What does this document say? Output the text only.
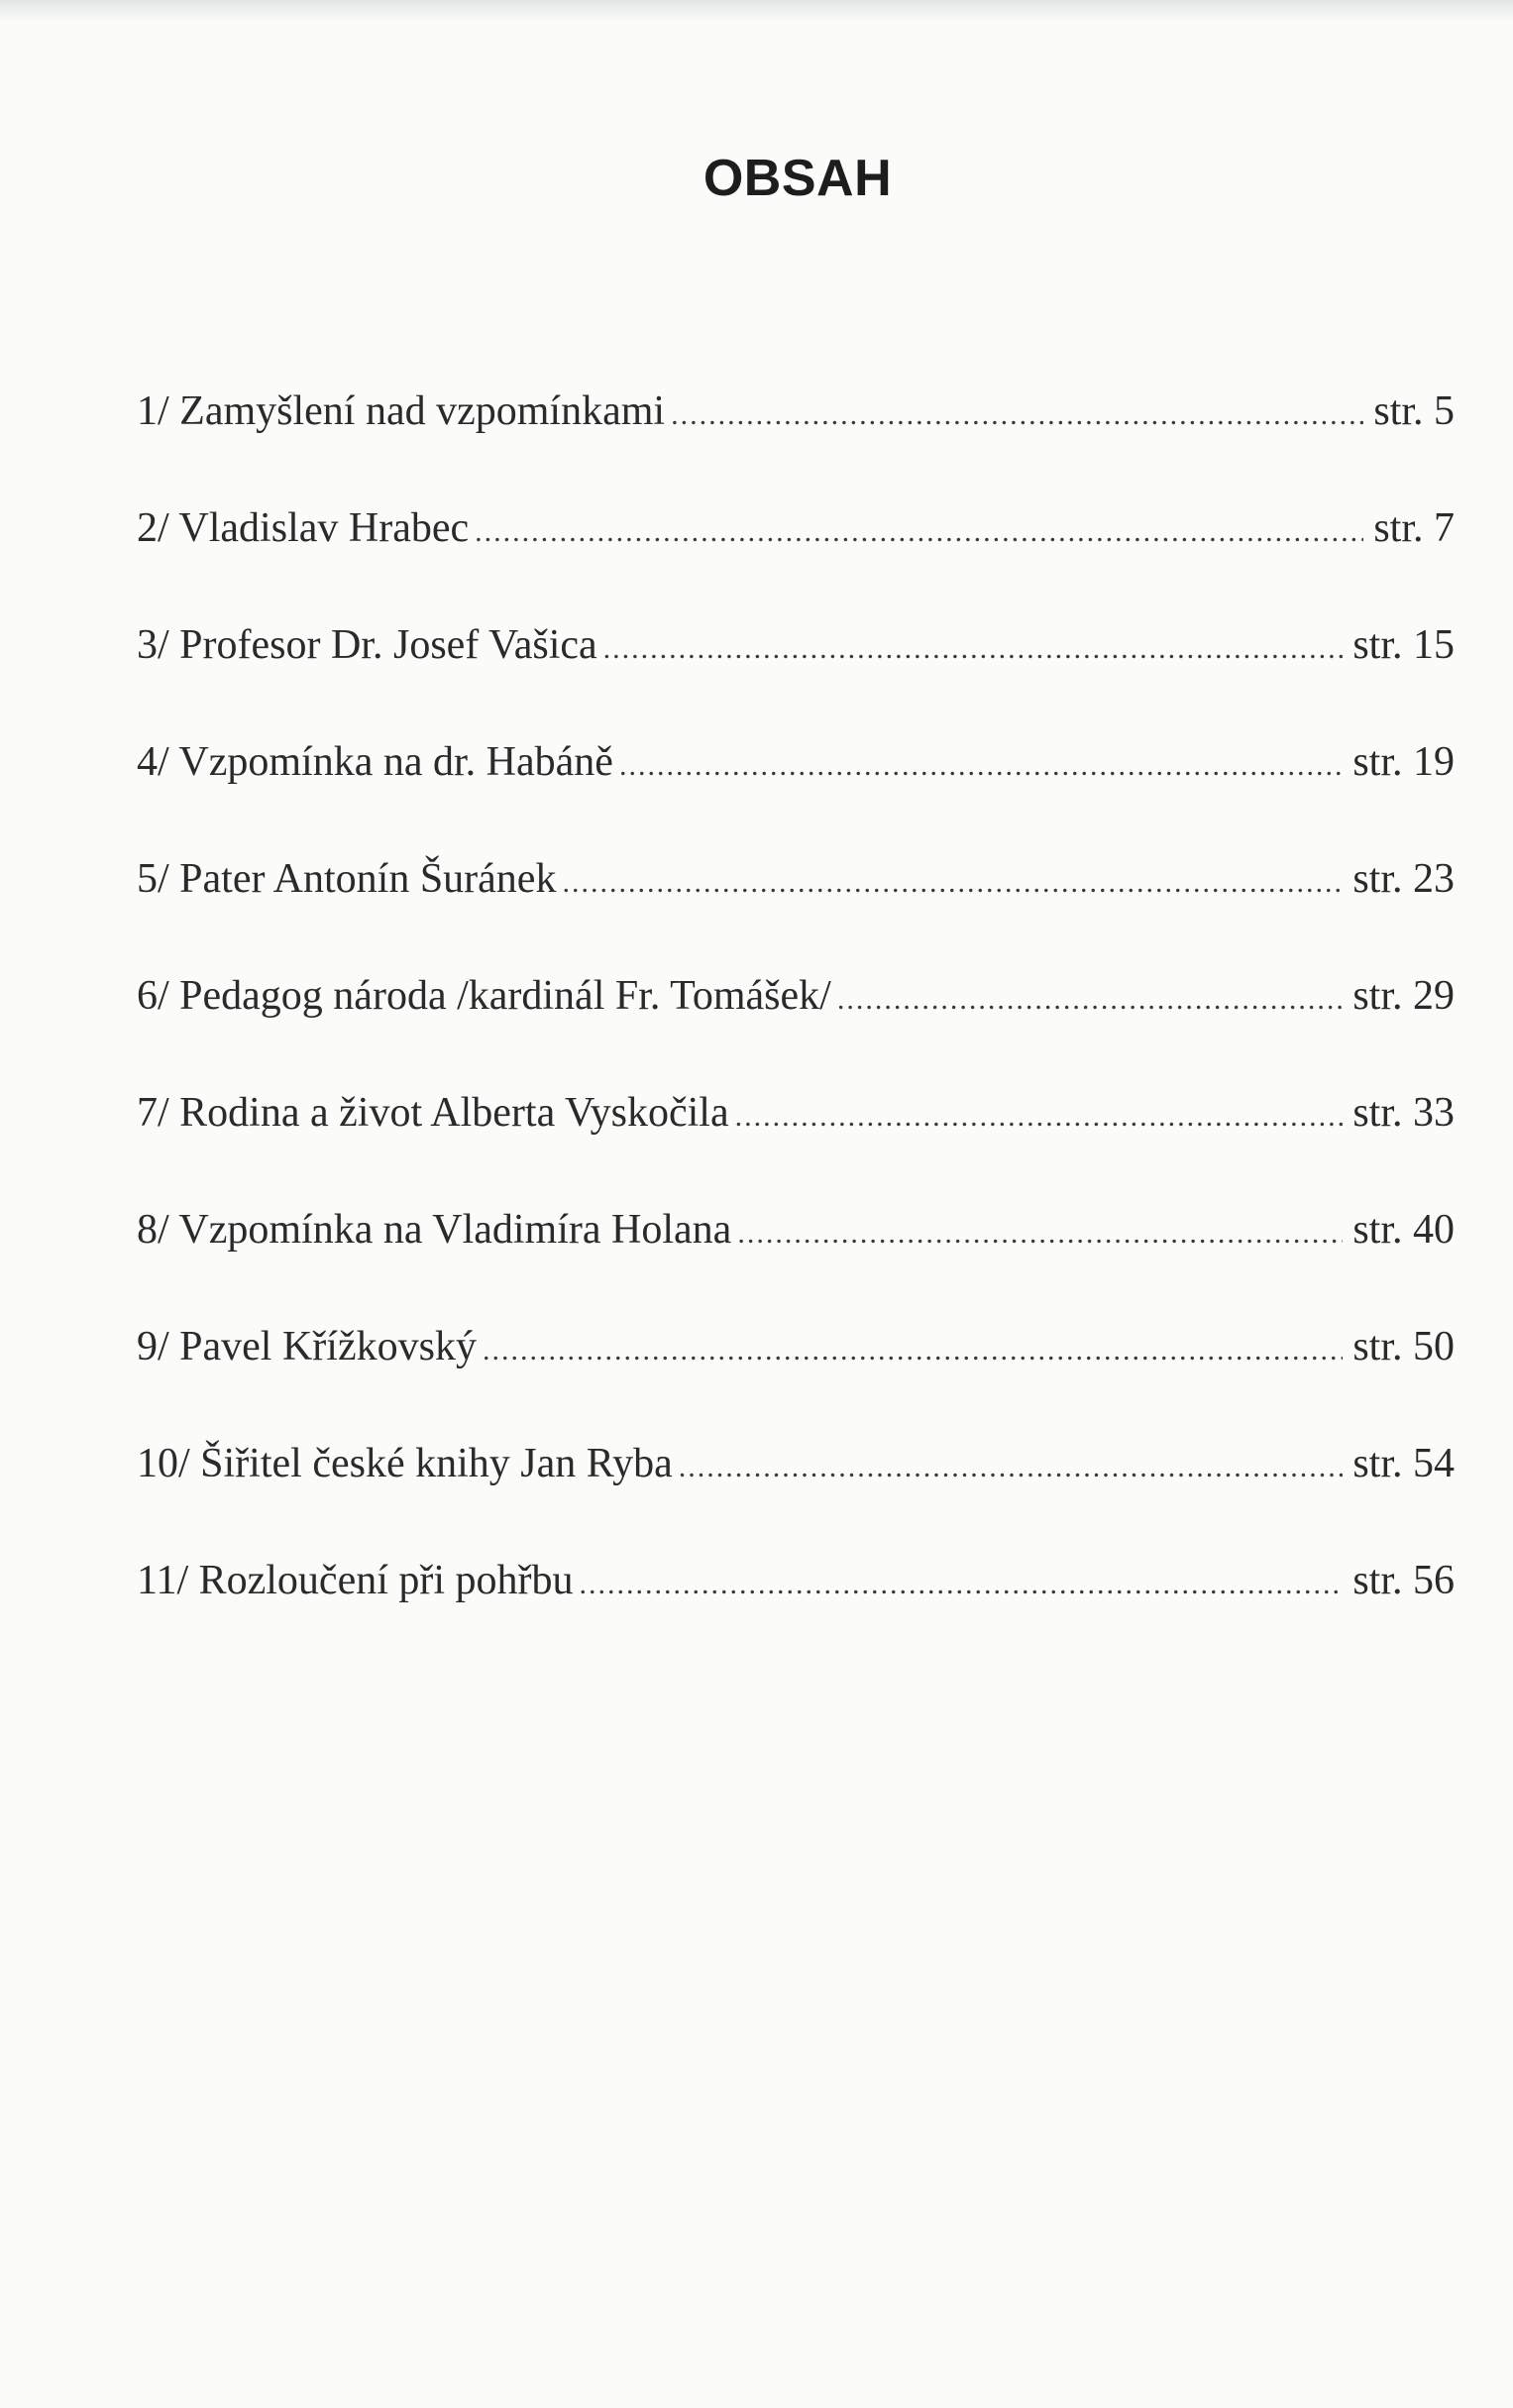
OBSAH
1/ Zamyšlení nad vzpomínkami .....	str. 5
2/ Vladislav Hrabec .....	str. 7
3/ Profesor Dr. Josef Vašica .....	str. 15
4/ Vzpomínka na dr. Habáně .....	str. 19
5/ Pater Antonín Šuránek .....	str. 23
6/ Pedagog národa /kardinál Fr. Tomášek/ .....	str. 29
7/ Rodina a život Alberta Vyskočila .....	str. 33
8/ Vzpomínka na Vladimíra Holana .....	str. 40
9/ Pavel Křížkovský .....	str. 50
10/ Šiřitel české knihy Jan Ryba .....	str. 54
11/ Rozloučení při pohřbu .....	str. 56
